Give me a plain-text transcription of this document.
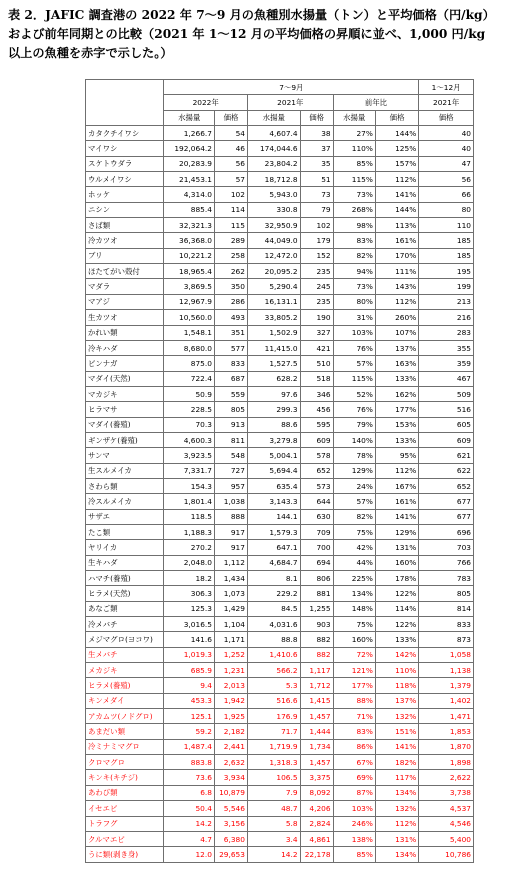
表 2．JAFIC 調査港の 2022 年 7～9 月の魚種別水揚量（トン）と平均価格（円/kg）
および前年同期との比較（2021 年 1～12 月の平均価格の昇順に並べ、1,000 円/kg
以上の魚種を赤字で示した。）
	7～9月						1～12月
	2022年		2021年		前年比		2021年
	水揚量	価格	水揚量	価格	水揚量	価格	価格
カタクチイワシ	1,266.7	54	4,607.4	38	27%	144%	40
マイワシ	192,064.2	46	174,044.6	37	110%	125%	40
スケトウダラ	20,283.9	56	23,804.2	35	85%	157%	47
ウルメイワシ	21,453.1	57	18,712.8	51	115%	112%	56
ホッケ	4,314.0	102	5,943.0	73	73%	141%	66
ニシン	885.4	114	330.8	79	268%	144%	80
さば類	32,321.3	115	32,950.9	102	98%	113%	110
冷カツオ	36,368.0	289	44,049.0	179	83%	161%	185
ブリ	10,221.2	258	12,472.0	152	82%	170%	185
ほたてがい殻付	18,965.4	262	20,095.2	235	94%	111%	195
マダラ	3,869.5	350	5,290.4	245	73%	143%	199
マアジ	12,967.9	286	16,131.1	235	80%	112%	213
生カツオ	10,560.0	493	33,805.2	190	31%	260%	216
かれい類	1,548.1	351	1,502.9	327	103%	107%	283
冷キハダ	8,680.0	577	11,415.0	421	76%	137%	355
ビンナガ	875.0	833	1,527.5	510	57%	163%	359
マダイ(天然)	722.4	687	628.2	518	115%	133%	467
マカジキ	50.9	559	97.6	346	52%	162%	509
ヒラマサ	228.5	805	299.3	456	76%	177%	516
マダイ(養殖)	70.3	913	88.6	595	79%	153%	605
ギンザケ(養殖)	4,600.3	811	3,279.8	609	140%	133%	609
サンマ	3,923.5	548	5,004.1	578	78%	95%	621
生スルメイカ	7,331.7	727	5,694.4	652	129%	112%	622
さわら類	154.3	957	635.4	573	24%	167%	652
冷スルメイカ	1,801.4	1,038	3,143.3	644	57%	161%	677
サザエ	118.5	888	144.1	630	82%	141%	677
たこ類	1,188.3	917	1,579.3	709	75%	129%	696
ヤリイカ	270.2	917	647.1	700	42%	131%	703
生キハダ	2,048.0	1,112	4,684.7	694	44%	160%	766
ハマチ(養殖)	18.2	1,434	8.1	806	225%	178%	783
ヒラメ(天然)	306.3	1,073	229.2	881	134%	122%	805
あなご類	125.3	1,429	84.5	1,255	148%	114%	814
冷メバチ	3,016.5	1,104	4,031.6	903	75%	122%	833
メジマグロ(ヨコワ)	141.6	1,171	88.8	882	160%	133%	873
生メバチ	1,019.3	1,252	1,410.6	882	72%	142%	1,058
メカジキ	685.9	1,231	566.2	1,117	121%	110%	1,138
ヒラメ(養殖)	9.4	2,013	5.3	1,712	177%	118%	1,379
キンメダイ	453.3	1,942	516.6	1,415	88%	137%	1,402
アカムツ(ノドグロ)	125.1	1,925	176.9	1,457	71%	132%	1,471
あまだい類	59.2	2,182	71.7	1,444	83%	151%	1,853
冷ミナミマグロ	1,487.4	2,441	1,719.9	1,734	86%	141%	1,870
クロマグロ	883.8	2,632	1,318.3	1,457	67%	182%	1,898
キンキ(キチジ)	73.6	3,934	106.5	3,375	69%	117%	2,622
あわび類	6.8	10,879	7.9	8,092	87%	134%	3,738
イセエビ	50.4	5,546	48.7	4,206	103%	132%	4,537
トラフグ	14.2	3,156	5.8	2,824	246%	112%	4,546
クルマエビ	4.7	6,380	3.4	4,861	138%	131%	5,400
うに類(剥き身)	12.0	29,653	14.2	22,178	85%	134%	10,786
